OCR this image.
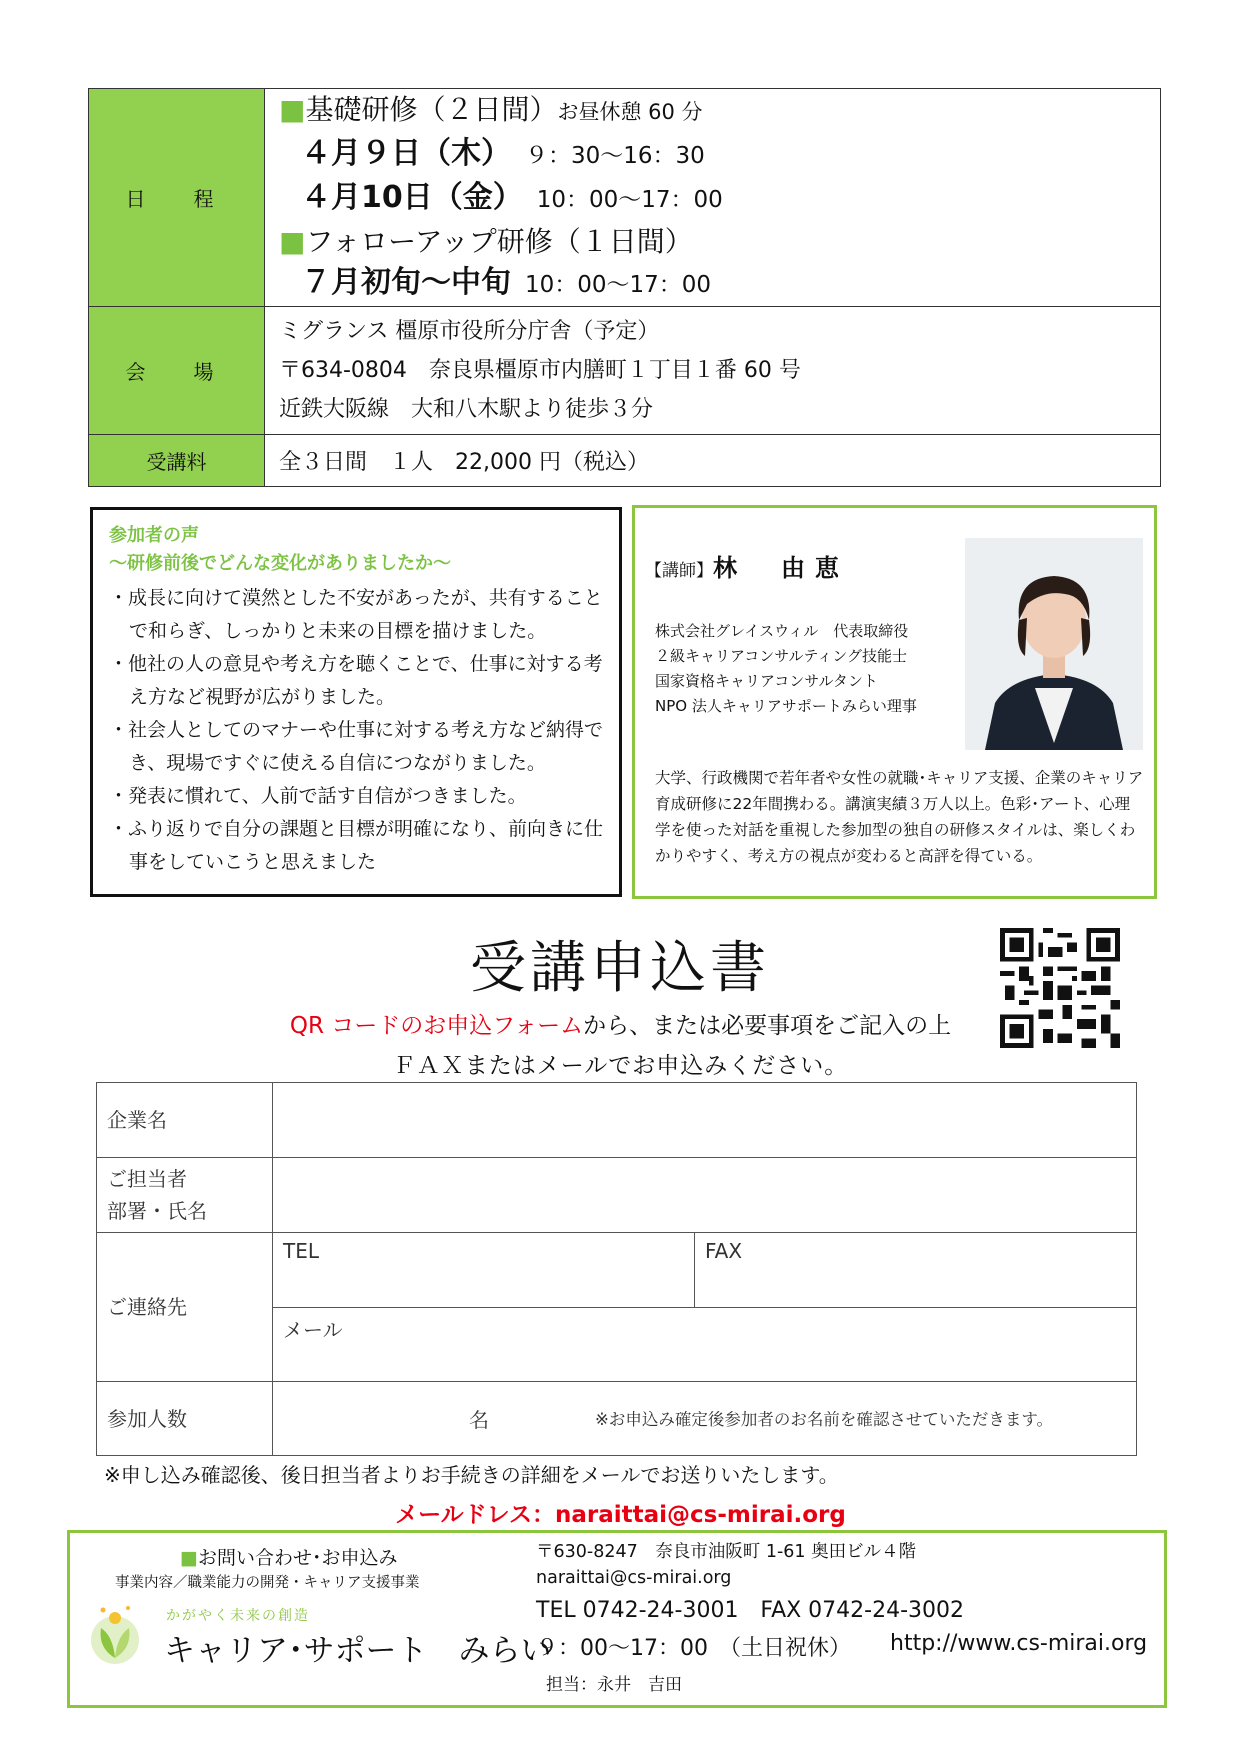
日　程	■基礎研修（２日間）お昼休憩 60 分
４月９日（木） ９：30～16：30
４月10日（金） 10：00～17：00
■フォローアップ研修（１日間）
７月初旬～中旬 10：00～17：00

会　場	ミグランス 橿原市役所分庁舎（予定）
〒634-0804　奈良県橿原市内膳町１丁目１番 60 号
近鉄大阪線　大和八木駅より徒歩３分

受講料	全３日間　１人　22,000 円（税込）
参加者の声
～研修前後でどんな変化がありましたか～
・成長に向けて漠然とした不安があったが、共有することで和らぎ、しっかりと未来の目標を描けました。
・他社の人の意見や考え方を聴くことで、仕事に対する考え方など視野が広がりました。
・社会人としてのマナーや仕事に対する考え方など納得でき、現場ですぐに使える自信につながりました。
・発表に慣れて、人前で話す自信がつきました。
・ふり返りで自分の課題と目標が明確になり、前向きに仕事をしていこうと思えました
【講師】林　由恵
株式会社グレイスウィル　代表取締役
２級キャリアコンサルティング技能士
国家資格キャリアコンサルタント
NPO 法人キャリアサポートみらい理事
大学、行政機関で若年者や女性の就職･キャリア支援、企業のキャリア育成研修に22年間携わる。講演実績３万人以上。色彩･アート、心理学を使った対話を重視した参加型の独自の研修スタイルは、楽しくわかりやすく、考え方の視点が変わると高評を得ている。
受講申込書
QR コードのお申込フォームから、または必要事項をご記入の上
ＦＡＸまたはメールでお申込みください。
企業名		

ご担当者
部署・氏名		

ご連絡先	TEL	FAX
	メール	
参加人数	名 ※お申込み確定後参加者のお名前を確認させていただきます。	
※申し込み確認後、後日担当者よりお手続きの詳細をメールでお送りいたします。
メールドレス：naraittai@cs-mirai.org
■お問い合わせ･お申込み
事業内容／職業能力の開発・キャリア支援事業
かがやく未来の創造
キャリア･サポート　みらい
〒630-8247　奈良市油阪町 1-61 奥田ビル４階
naraittai@cs-mirai.org
TEL 0742-24-3001　FAX 0742-24-3002
９：00～17：00　（土日祝休） http://www.cs-mirai.org
担当：永井　吉田
